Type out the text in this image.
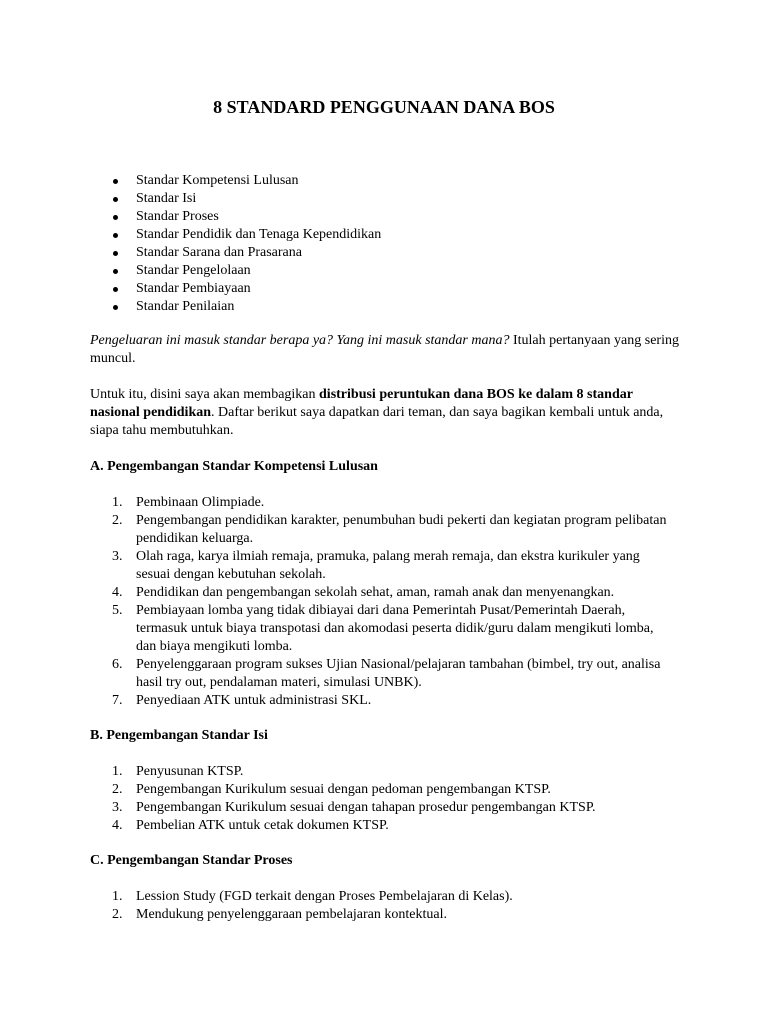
8 STANDARD PENGGUNAAN DANA BOS
Standar Kompetensi Lulusan
Standar Isi
Standar Proses
Standar Pendidik dan Tenaga Kependidikan
Standar Sarana dan Prasarana
Standar Pengelolaan
Standar Pembiayaan
Standar Penilaian

Pengeluaran ini masuk standar berapa ya? Yang ini masuk standar mana? Itulah pertanyaan yang sering muncul.

Untuk itu, disini saya akan membagikan distribusi peruntukan dana BOS ke dalam 8 standar nasional pendidikan. Daftar berikut saya dapatkan dari teman, dan saya bagikan kembali untuk anda, siapa tahu membutuhkan.

A. Pengembangan Standar Kompetensi Lulusan
1. Pembinaan Olimpiade.
2. Pengembangan pendidikan karakter, penumbuhan budi pekerti dan kegiatan program pelibatan pendidikan keluarga.
3. Olah raga, karya ilmiah remaja, pramuka, palang merah remaja, dan ekstra kurikuler yang sesuai dengan kebutuhan sekolah.
4. Pendidikan dan pengembangan sekolah sehat, aman, ramah anak dan menyenangkan.
5. Pembiayaan lomba yang tidak dibiayai dari dana Pemerintah Pusat/Pemerintah Daerah, termasuk untuk biaya transpotasi dan akomodasi peserta didik/guru dalam mengikuti lomba, dan biaya mengikuti lomba.
6. Penyelenggaraan program sukses Ujian Nasional/pelajaran tambahan (bimbel, try out, analisa hasil try out, pendalaman materi, simulasi UNBK).
7. Penyediaan ATK untuk administrasi SKL.
B. Pengembangan Standar Isi
1. Penyusunan KTSP.
2. Pengembangan Kurikulum sesuai dengan pedoman pengembangan KTSP.
3. Pengembangan Kurikulum sesuai dengan tahapan prosedur pengembangan KTSP.
4. Pembelian ATK untuk cetak dokumen KTSP.
C. Pengembangan Standar Proses
1. Lession Study (FGD terkait dengan Proses Pembelajaran di Kelas).
2. Mendukung penyelenggaraan pembelajaran kontektual.
